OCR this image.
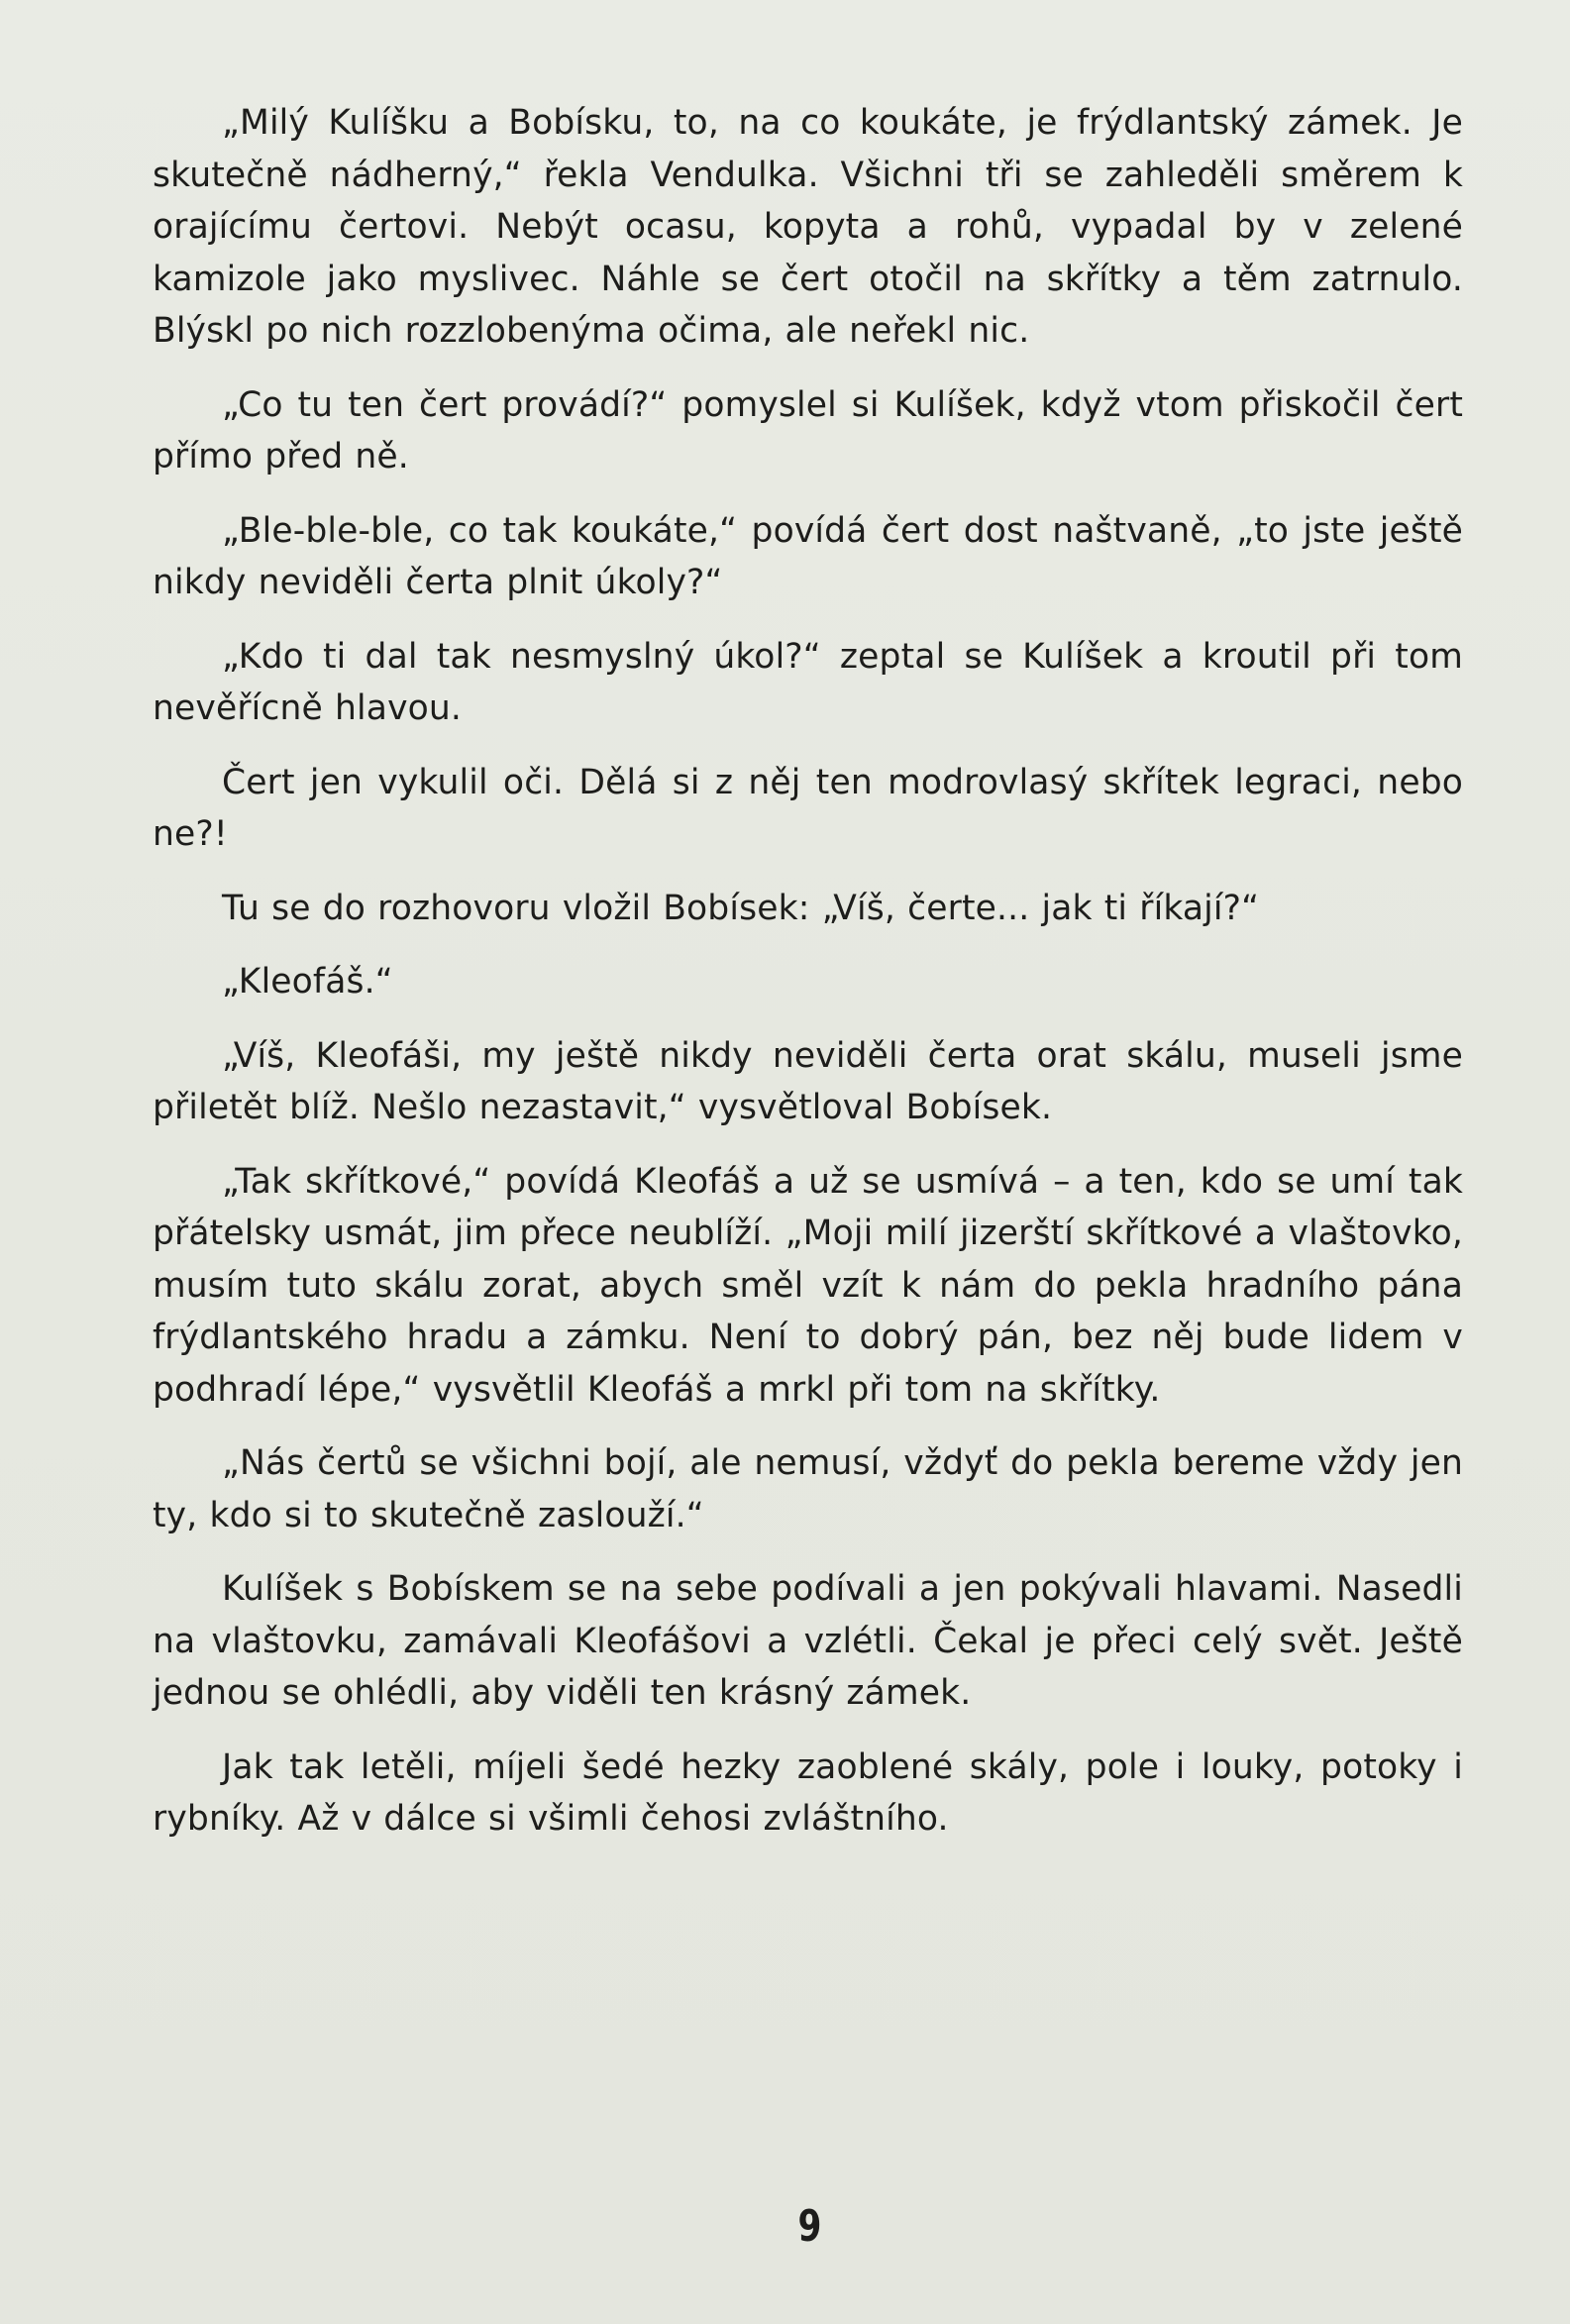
„Milý Kulíšku a Bobísku, to, na co koukáte, je frýdlantský zámek. Je skutečně nádherný,“ řekla Vendulka. Všichni tři se zahleděli směrem k orajícímu čertovi. Nebýt ocasu, kopyta a rohů, vypadal by v zelené kamizole jako myslivec. Náhle se čert otočil na skřítky a těm zatrnulo. Blýskl po nich rozzlobenýma očima, ale neřekl nic.

„Co tu ten čert provádí?“ pomyslel si Kulíšek, když vtom přiskočil čert přímo před ně.

„Ble-ble-ble, co tak koukáte,“ povídá čert dost naštvaně, „to jste ještě nikdy neviděli čerta plnit úkoly?“

„Kdo ti dal tak nesmyslný úkol?“ zeptal se Kulíšek a kroutil při tom nevěřícně hlavou.

Čert jen vykulil oči. Dělá si z něj ten modrovlasý skřítek legraci, nebo ne?!

Tu se do rozhovoru vložil Bobísek: „Víš, čerte... jak ti říkají?“

„Kleofáš.“

„Víš, Kleofáši, my ještě nikdy neviděli čerta orat skálu, museli jsme přiletět blíž. Nešlo nezastavit,“ vysvětloval Bobísek.

„Tak skřítkové,“ povídá Kleofáš a už se usmívá – a ten, kdo se umí tak přátelsky usmát, jim přece neublíží. „Moji milí jizerští skřítkové a vlaštovko, musím tuto skálu zorat, abych směl vzít k nám do pekla hradního pána frýdlantského hradu a zámku. Není to dobrý pán, bez něj bude lidem v podhradí lépe,“ vysvětlil Kleofáš a mrkl při tom na skřítky.

„Nás čertů se všichni bojí, ale nemusí, vždyť do pekla bereme vždy jen ty, kdo si to skutečně zaslouží.“

Kulíšek s Bobískem se na sebe podívali a jen pokývali hlavami. Nasedli na vlaštovku, zamávali Kleofášovi a vzlétli. Čekal je přeci celý svět. Ještě jednou se ohlédli, aby viděli ten krásný zámek.

Jak tak letěli, míjeli šedé hezky zaoblené skály, pole i louky, potoky i rybníky. Až v dálce si všimli čehosi zvláštního.

9
